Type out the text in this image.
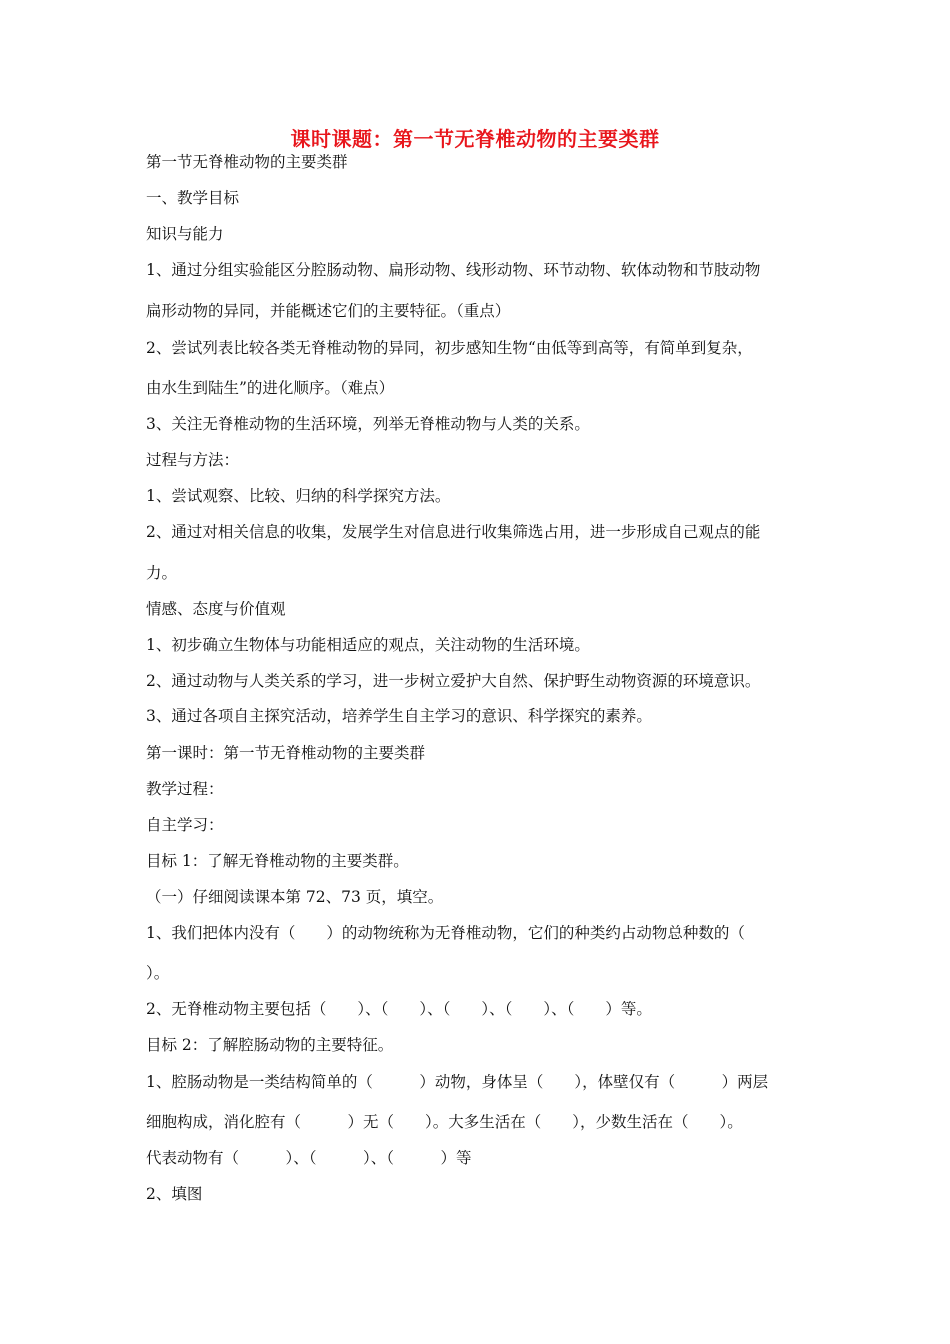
课时课题：第一节无脊椎动物的主要类群
第一节无脊椎动物的主要类群
一、教学目标
知识与能力
1、通过分组实验能区分腔肠动物、扁形动物、线形动物、环节动物、软体动物和节肢动物
扁形动物的异同，并能概述它们的主要特征。（重点）
2、尝试列表比较各类无脊椎动物的异同，初步感知生物“由低等到高等，有简单到复杂，
由水生到陆生”的进化顺序。（难点）
3、关注无脊椎动物的生活环境，列举无脊椎动物与人类的关系。
过程与方法：
1、尝试观察、比较、归纳的科学探究方法。
2、通过对相关信息的收集，发展学生对信息进行收集筛选占用，进一步形成自己观点的能
力。
情感、态度与价值观
1、初步确立生物体与功能相适应的观点，关注动物的生活环境。
2、通过动物与人类关系的学习，进一步树立爱护大自然、保护野生动物资源的环境意识。
3、通过各项自主探究活动，培养学生自主学习的意识、科学探究的素养。
第一课时：第一节无脊椎动物的主要类群
教学过程：
自主学习：
目标 1：了解无脊椎动物的主要类群。
（一）仔细阅读课本第 72、73 页，填空。
1、我们把体内没有（　　）的动物统称为无脊椎动物，它们的种类约占动物总种数的（
）。
2、无脊椎动物主要包括（　　）、（　　）、（　　）、（　　）、（　　）等。
目标 2：了解腔肠动物的主要特征。
1、腔肠动物是一类结构简单的（　　　）动物，身体呈（　　），体壁仅有（　　　）两层
细胞构成，消化腔有（　　　）无（　　）。大多生活在（　　），少数生活在（　　）。
代表动物有（　　　）、（　　　）、（　　　）等
2、填图
